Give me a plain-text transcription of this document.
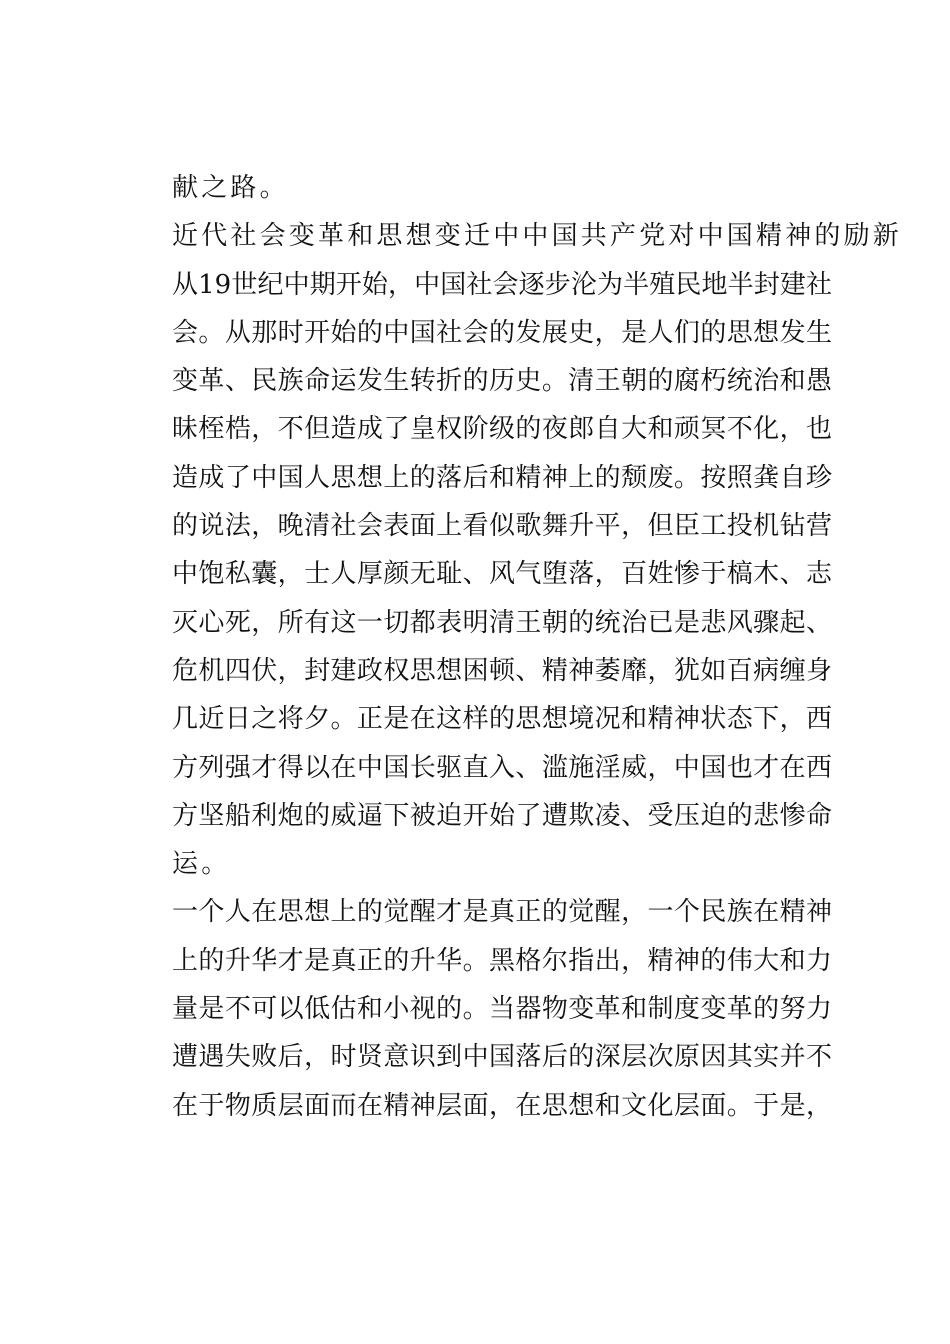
献之路。
近代社会变革和思想变迁中中国共产党对中国精神的励新
从19世纪中期开始，中国社会逐步沦为半殖民地半封建社
会。从那时开始的中国社会的发展史，是人们的思想发生
变革、民族命运发生转折的历史。清王朝的腐朽统治和愚
昧桎梏，不但造成了皇权阶级的夜郎自大和顽冥不化，也
造成了中国人思想上的落后和精神上的颓废。按照龚自珍
的说法，晚清社会表面上看似歌舞升平，但臣工投机钻营
中饱私囊，士人厚颜无耻、风气堕落，百姓惨于槁木、志
灭心死，所有这一切都表明清王朝的统治已是悲风骤起、
危机四伏，封建政权思想困顿、精神萎靡，犹如百病缠身
几近日之将夕。正是在这样的思想境况和精神状态下，西
方列强才得以在中国长驱直入、滥施淫威，中国也才在西
方坚船利炮的威逼下被迫开始了遭欺凌、受压迫的悲惨命
运。
一个人在思想上的觉醒才是真正的觉醒，一个民族在精神
上的升华才是真正的升华。黑格尔指出，精神的伟大和力
量是不可以低估和小视的。当器物变革和制度变革的努力
遭遇失败后，时贤意识到中国落后的深层次原因其实并不
在于物质层面而在精神层面，在思想和文化层面。于是，
